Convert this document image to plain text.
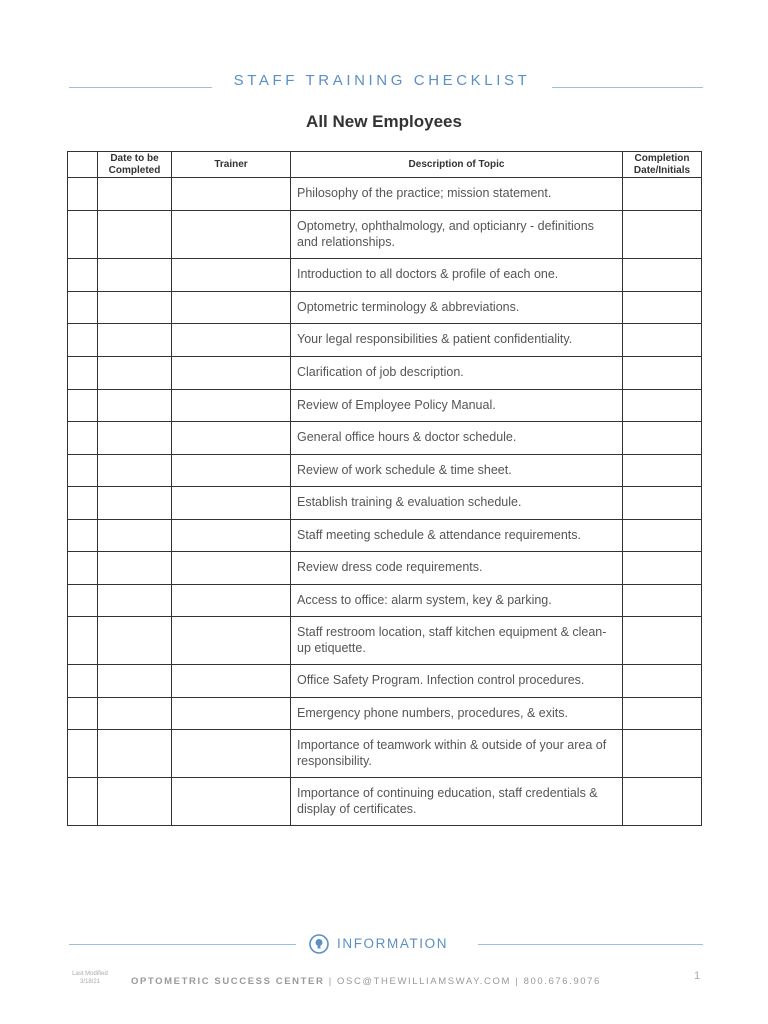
STAFF TRAINING CHECKLIST
All New Employees
	Date to be Completed	Trainer	Description of Topic	Completion Date/Initials
			Philosophy of the practice; mission statement.	
			Optometry, ophthalmology, and opticianry - definitions and relationships.	
			Introduction to all doctors & profile of each one.	
			Optometric terminology & abbreviations.	
			Your legal responsibilities & patient confidentiality.	
			Clarification of job description.	
			Review of Employee Policy Manual.	
			General office hours & doctor schedule.	
			Review of work schedule & time sheet.	
			Establish training & evaluation schedule.	
			Staff meeting schedule & attendance requirements.	
			Review dress code requirements.	
			Access to office: alarm system, key & parking.	
			Staff restroom location, staff kitchen equipment & clean-up etiquette.	
			Office Safety Program. Infection control procedures.	
			Emergency phone numbers, procedures, & exits.	
			Importance of teamwork within & outside of your area of responsibility.	
			Importance of continuing education, staff credentials & display of certificates.	
INFORMATION
Last Modified
3/18/21	OPTOMETRIC SUCCESS CENTER | OSC@THEWILLIAMSWAY.COM | 800.676.9076	1
